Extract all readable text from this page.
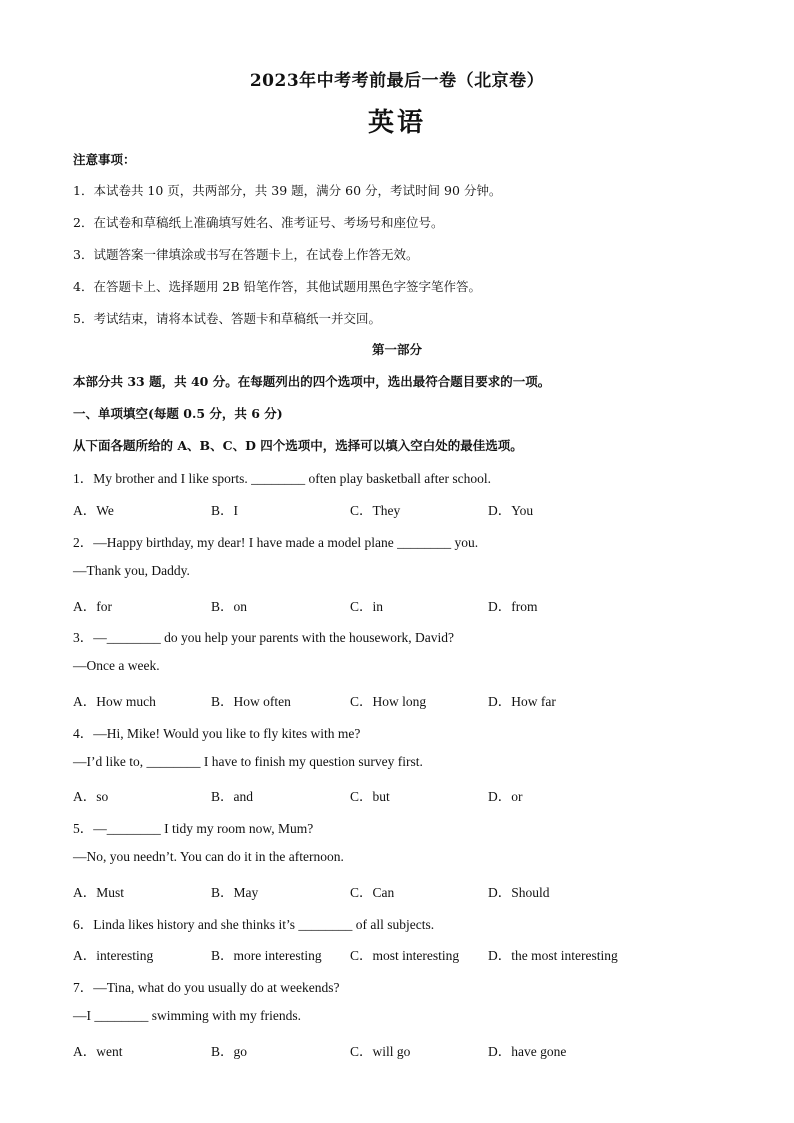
2023年中考考前最后一卷（北京卷）
英语
注意事项：
1．本试卷共 10 页，共两部分，共 39 题，满分 60 分，考试时间 90 分钟。
2．在试卷和草稿纸上准确填写姓名、准考证号、考场号和座位号。
3．试题答案一律填涂或书写在答题卡上，在试卷上作答无效。
4．在答题卡上、选择题用 2B 铅笔作答，其他试题用黑色字签字笔作答。
5．考试结束，请将本试卷、答题卡和草稿纸一并交回。
第一部分
本部分共 33 题，共 40 分。在每题列出的四个选项中，选出最符合题目要求的一项。
一、单项填空(每题 0.5 分，共 6 分)
从下面各题所给的 A、B、C、D 四个选项中，选择可以填入空白处的最佳选项。
1．My brother and I like sports. ________ often play basketball after school.
A．We	B．I	C．They	D．You
2．—Happy birthday, my dear! I have made a model plane ________ you.
—Thank you, Daddy.
A．for	B．on	C．in	D．from
3．—________ do you help your parents with the housework, David?
—Once a week.
A．How much	B．How often	C．How long	D．How far
4．—Hi, Mike! Would you like to fly kites with me?
—I’d like to, ________ I have to finish my question survey first.
A．so	B．and	C．but	D．or
5．—________ I tidy my room now, Mum?
—No, you needn’t. You can do it in the afternoon.
A．Must	B．May	C．Can	D．Should
6．Linda likes history and she thinks it’s ________ of all subjects.
A．interesting	B．more interesting C．most interesting D．the most interesting
7．—Tina, what do you usually do at weekends?
—I ________ swimming with my friends.
A．went	B．go	C．will go	D．have gone
